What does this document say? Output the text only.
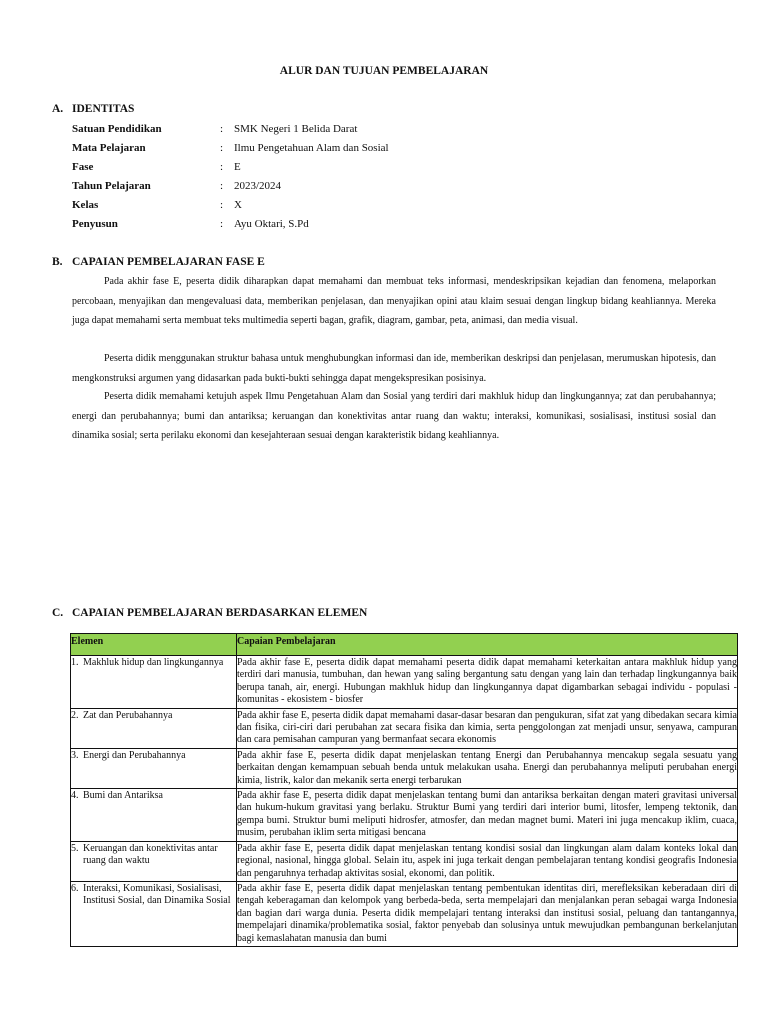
ALUR DAN TUJUAN PEMBELAJARAN
A. IDENTITAS
Satuan Pendidikan	: SMK Negeri 1 Belida Darat
Mata Pelajaran	: Ilmu Pengetahuan Alam dan Sosial
Fase	: E
Tahun Pelajaran	: 2023/2024
Kelas	: X
Penyusun	: Ayu Oktari, S.Pd
B. CAPAIAN PEMBELAJARAN FASE E

Pada akhir fase E, peserta didik diharapkan dapat memahami dan membuat teks informasi, mendeskripsikan kejadian dan fenomena, melaporkan percobaan, menyajikan dan mengevaluasi data, memberikan penjelasan, dan menyajikan opini atau klaim sesuai dengan lingkup bidang keahliannya. Mereka juga dapat memahami serta membuat teks multimedia seperti bagan, grafik, diagram, gambar, peta, animasi, dan media visual.

Peserta didik menggunakan struktur bahasa untuk menghubungkan informasi dan ide, memberikan deskripsi dan penjelasan, merumuskan hipotesis, dan mengkonstruksi argumen yang didasarkan pada bukti-bukti sehingga dapat mengekspresikan posisinya.

Peserta didik memahami ketujuh aspek Ilmu Pengetahuan Alam dan Sosial yang terdiri dari makhluk hidup dan lingkungannya; zat dan perubahannya; energi dan perubahannya; bumi dan antariksa; keruangan dan konektivitas antar ruang dan waktu; interaksi, komunikasi, sosialisasi, institusi sosial dan dinamika sosial; serta perilaku ekonomi dan kesejahteraan sesuai dengan karakteristik bidang keahliannya.

C. CAPAIAN PEMBELAJARAN BERDASARKAN ELEMEN
Elemen	Capaian Pembelajaran
1. Makhluk hidup dan lingkungannya	Pada akhir fase E, peserta didik dapat memahami peserta didik dapat memahami keterkaitan antara makhluk hidup yang terdiri dari manusia, tumbuhan, dan hewan yang saling bergantung satu dengan yang lain dan terhadap lingkungannya baik berupa tanah, air, energi. Hubungan makhluk hidup dan lingkungannya dapat digambarkan sebagai individu - populasi - komunitas - ekosistem - biosfer
2. Zat dan Perubahannya	Pada akhir fase E, peserta didik dapat memahami dasar-dasar besaran dan pengukuran, sifat zat yang dibedakan secara kimia dan fisika, ciri-ciri dari perubahan zat secara fisika dan kimia, serta penggolongan zat menjadi unsur, senyawa, campuran dan cara pemisahan campuran yang bermanfaat secara ekonomis
3. Energi dan Perubahannya	Pada akhir fase E, peserta didik dapat menjelaskan tentang Energi dan Perubahannya mencakup segala sesuatu yang berkaitan dengan kemampuan sebuah benda untuk melakukan usaha. Energi dan perubahannya meliputi perubahan energi kimia, listrik, kalor dan mekanik serta energi terbarukan
4. Bumi dan Antariksa	Pada akhir fase E, peserta didik dapat menjelaskan tentang bumi dan antariksa berkaitan dengan materi gravitasi universal dan hukum-hukum gravitasi yang berlaku. Struktur Bumi yang terdiri dari interior bumi, litosfer, lempeng tektonik, dan gempa bumi. Struktur bumi meliputi hidrosfer, atmosfer, dan medan magnet bumi. Materi ini juga mencakup iklim, cuaca, musim, perubahan iklim serta mitigasi bencana
5. Keruangan dan konektivitas antar ruang dan waktu	Pada akhir fase E, peserta didik dapat menjelaskan tentang kondisi sosial dan lingkungan alam dalam konteks lokal dan regional, nasional, hingga global. Selain itu, aspek ini juga terkait dengan pembelajaran tentang kondisi geografis Indonesia dan pengaruhnya terhadap aktivitas sosial, ekonomi, dan politik.
6. Interaksi, Komunikasi, Sosialisasi, Institusi Sosial, dan Dinamika Sosial	Pada akhir fase E, peserta didik dapat menjelaskan tentang pembentukan identitas diri, merefleksikan keberadaan diri di tengah keberagaman dan kelompok yang berbeda-beda, serta mempelajari dan menjalankan peran sebagai warga Indonesia dan bagian dari warga dunia. Peserta didik mempelajari tentang interaksi dan institusi sosial, peluang dan tantangannya, mempelajari dinamika/problematika sosial, faktor penyebab dan solusinya untuk mewujudkan pembangunan berkelanjutan bagi kemaslahatan manusia dan bumi
